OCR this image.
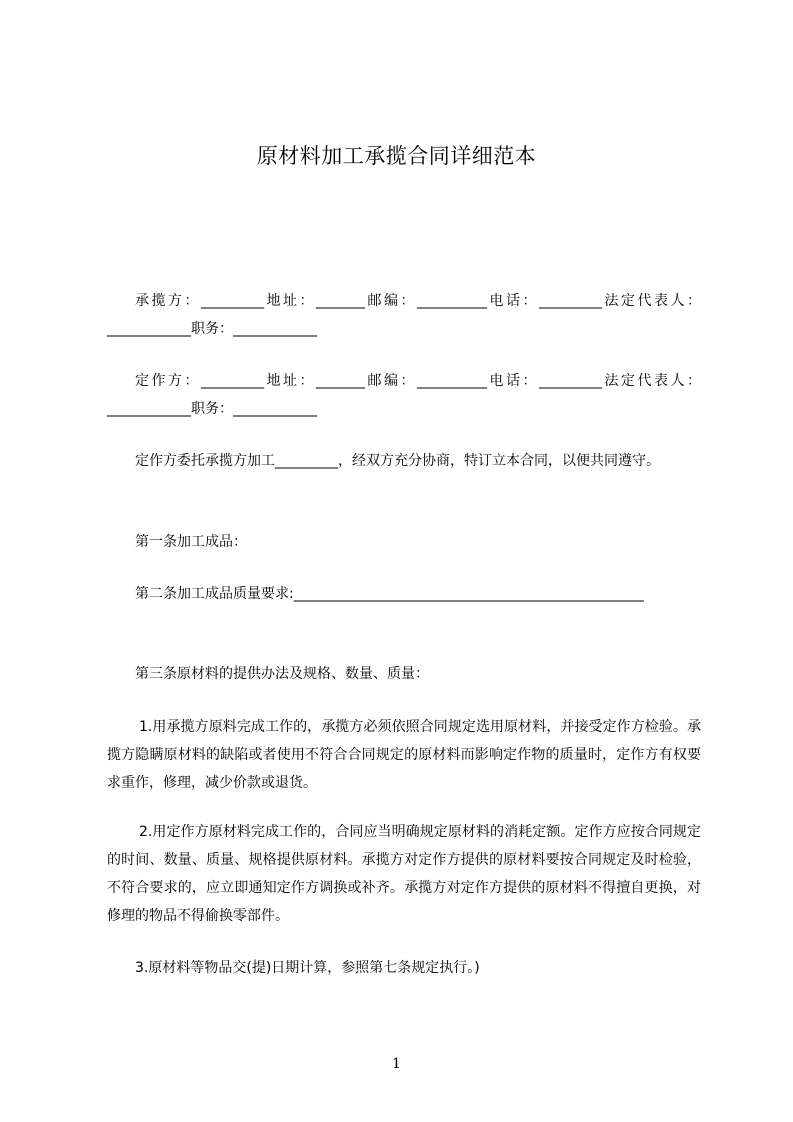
原材料加工承揽合同详细范本

承揽方：_________地址：_______邮编：__________电话：_________法定代表人：____________职务：____________

定作方：_________地址：_______邮编：__________电话：_________法定代表人：____________职务：____________

定作方委托承揽方加工_________，经双方充分协商，特订立本合同，以便共同遵守。

第一条加工成品：

第二条加工成品质量要求:__________________________________________________

第三条原材料的提供办法及规格、数量、质量：

1.用承揽方原料完成工作的，承揽方必须依照合同规定选用原材料，并接受定作方检验。承揽方隐瞒原材料的缺陷或者使用不符合合同规定的原材料而影响定作物的质量时，定作方有权要求重作，修理，减少价款或退货。

2.用定作方原材料完成工作的，合同应当明确规定原材料的消耗定额。定作方应按合同规定的时间、数量、质量、规格提供原材料。承揽方对定作方提供的原材料要按合同规定及时检验，不符合要求的，应立即通知定作方调换或补齐。承揽方对定作方提供的原材料不得擅自更换，对修理的物品不得偷换零部件。

3.原材料等物品交(提)日期计算，参照第七条规定执行。)

1
